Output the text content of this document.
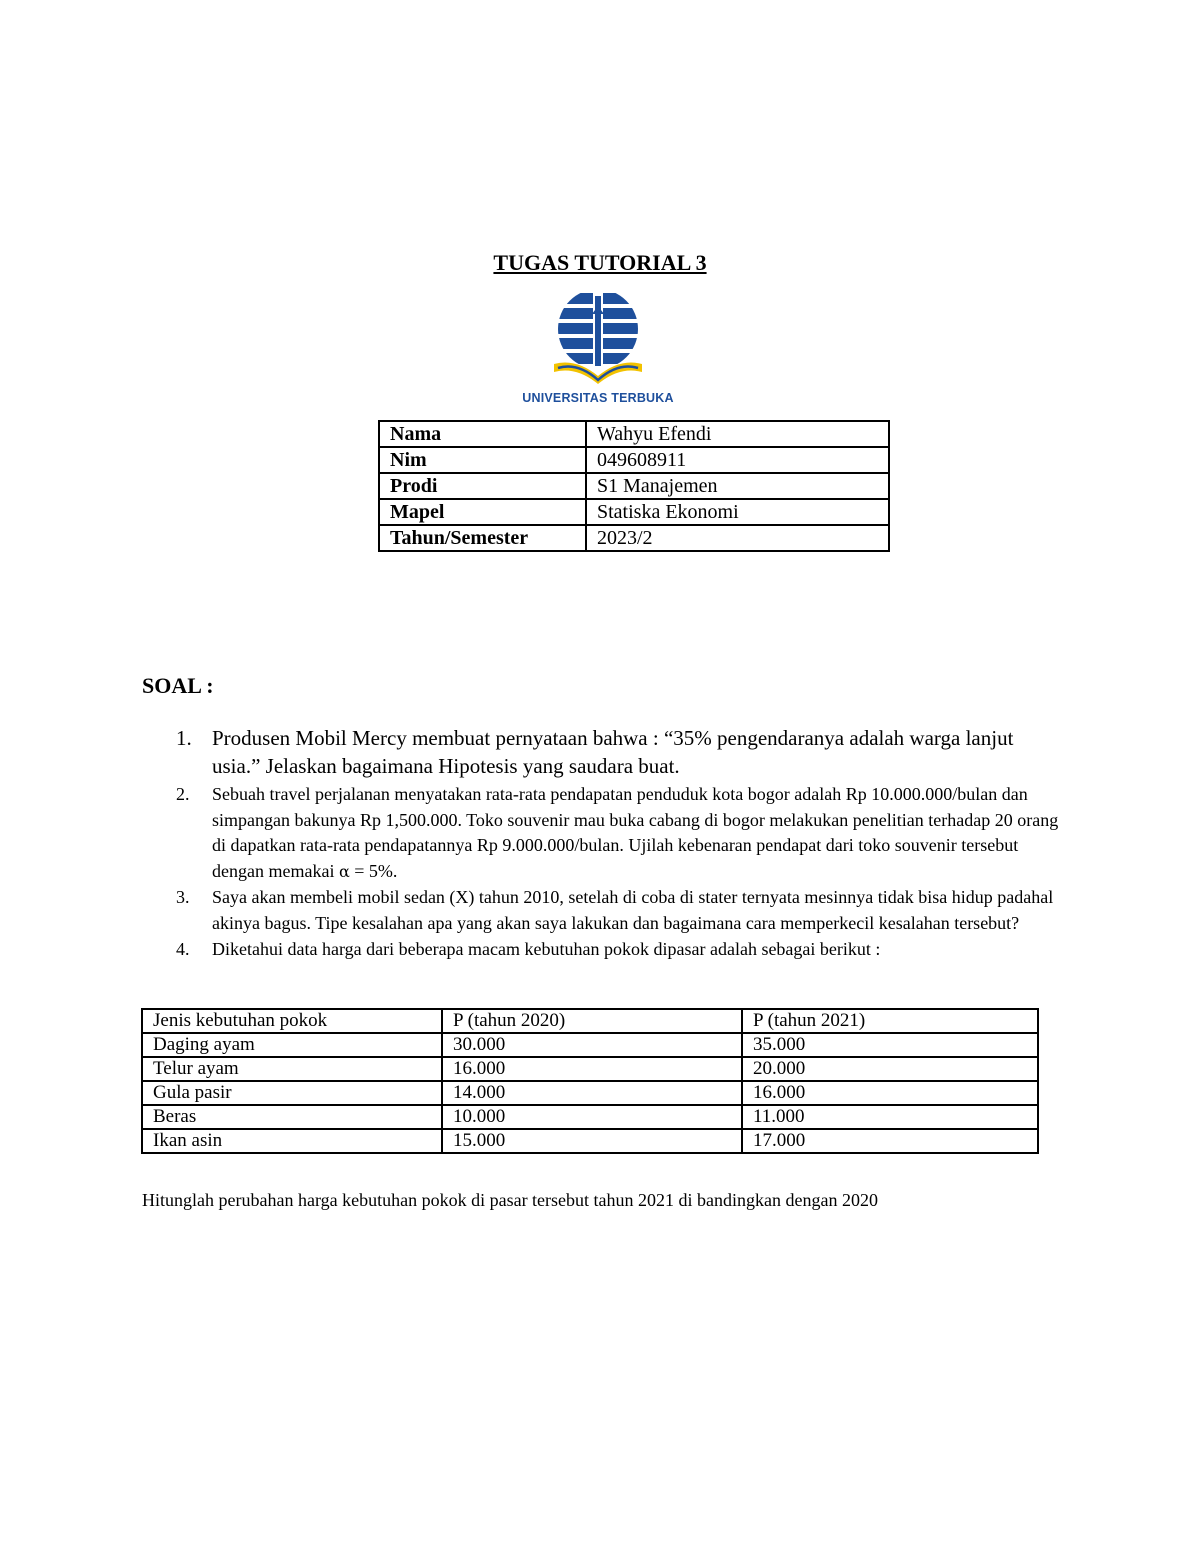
TUGAS TUTORIAL 3
UNIVERSITAS TERBUKA
Nama	Wahyu Efendi
Nim	049608911
Prodi	S1 Manajemen
Mapel	Statiska Ekonomi
Tahun/Semester	2023/2
SOAL :
1. Produsen Mobil Mercy membuat pernyataan bahwa : “35% pengendaranya adalah warga lanjut usia.” Jelaskan bagaimana Hipotesis yang saudara buat.
2. Sebuah travel perjalanan menyatakan rata-rata pendapatan penduduk kota bogor adalah Rp 10.000.000/bulan dan simpangan bakunya Rp 1,500.000. Toko souvenir mau buka cabang di bogor melakukan penelitian terhadap 20 orang di dapatkan rata-rata pendapatannya Rp 9.000.000/bulan. Ujilah kebenaran pendapat dari toko souvenir tersebut dengan memakai α = 5%.
3. Saya akan membeli mobil sedan (X) tahun 2010, setelah di coba di stater ternyata mesinnya tidak bisa hidup padahal akinya bagus. Tipe kesalahan apa yang akan saya lakukan dan bagaimana cara memperkecil kesalahan tersebut?
4. Diketahui data harga dari beberapa macam kebutuhan pokok dipasar adalah sebagai berikut :
Jenis kebutuhan pokok	P (tahun 2020)	P (tahun 2021)
Daging ayam	30.000	35.000
Telur ayam	16.000	20.000
Gula pasir	14.000	16.000
Beras	10.000	11.000
Ikan asin	15.000	17.000
Hitunglah perubahan harga kebutuhan pokok di pasar tersebut tahun 2021 di bandingkan dengan 2020
